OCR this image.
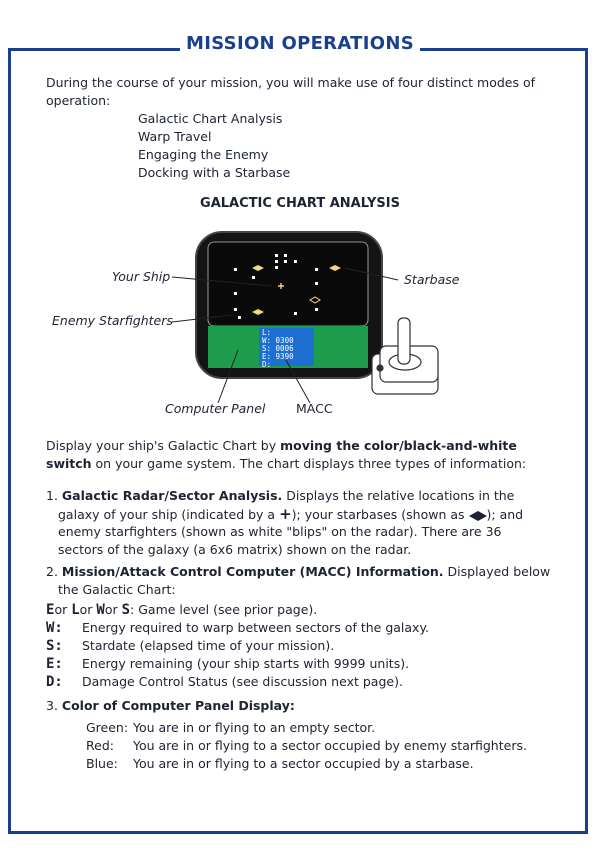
MISSION OPERATIONS
During the course of your mission, you will make use of four distinct modes of operation:
Galactic Chart Analysis
Warp Travel
Engaging the Enemy
Docking with a Starbase
GALACTIC CHART ANALYSIS
L:
W: 0300
S: 0006
E: 9390
D:
Your Ship	Starbase
Enemy Starfighters
Computer Panel MACC
Display your ship's Galactic Chart by moving the color/black-and-white switch on your game system. The chart displays three types of information:
1. Galactic Radar/Sector Analysis. Displays the relative locations in the
galaxy of your ship (indicated by a +); your starbases (shown as ); and
enemy starfighters (shown as white "blips" on the radar). There are 36
sectors of the galaxy (a 6x6 matrix) shown on the radar.
2. Mission/Attack Control Computer (MACC) Information. Displayed below
the Galactic Chart:
Eor Lor Wor S: Game level (see prior page).
W: Energy required to warp between sectors of the galaxy.
S: Stardate (elapsed time of your mission).
E: Energy remaining (your ship starts with 9999 units).
D: Damage Control Status (see discussion next page).
3. Color of Computer Panel Display:
Green: You are in or flying to an empty sector.
Red: You are in or flying to a sector occupied by enemy starfighters.
Blue: You are in or flying to a sector occupied by a starbase.
